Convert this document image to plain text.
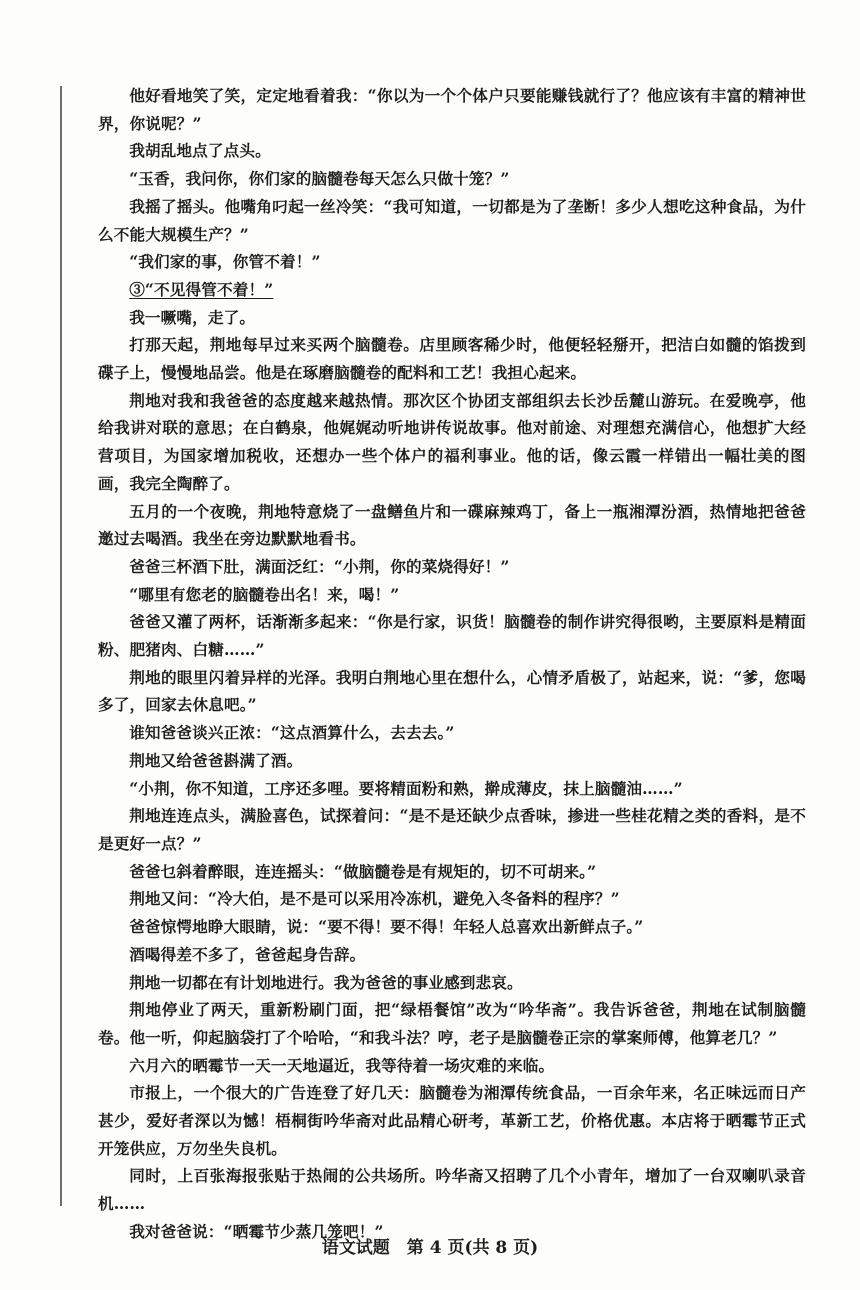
他好看地笑了笑，定定地看着我：“你以为一个个体户只要能赚钱就行了？他应该有丰富的精神世界，你说呢？”

我胡乱地点了点头。

“玉香，我问你，你们家的脑髓卷每天怎么只做十笼？”

我摇了摇头。他嘴角叼起一丝冷笑：“我可知道，一切都是为了垄断！多少人想吃这种食品，为什么不能大规模生产？”

“我们家的事，你管不着！”

③“不见得管不着！”

我一噘嘴，走了。

打那天起，荆地每早过来买两个脑髓卷。店里顾客稀少时，他便轻轻掰开，把洁白如髓的馅拨到碟子上，慢慢地品尝。他是在琢磨脑髓卷的配料和工艺！我担心起来。

荆地对我和我爸爸的态度越来越热情。那次区个协团支部组织去长沙岳麓山游玩。在爱晚亭，他给我讲对联的意思；在白鹤泉，他娓娓动听地讲传说故事。他对前途、对理想充满信心，他想扩大经营项目，为国家增加税收，还想办一些个体户的福利事业。他的话，像云霞一样错出一幅壮美的图画，我完全陶醉了。

五月的一个夜晚，荆地特意烧了一盘鳝鱼片和一碟麻辣鸡丁，备上一瓶湘潭汾酒，热情地把爸爸邀过去喝酒。我坐在旁边默默地看书。

爸爸三杯酒下肚，满面泛红：“小荆，你的菜烧得好！”

“哪里有您老的脑髓卷出名！来，喝！”

爸爸又灌了两杯，话渐渐多起来：“你是行家，识货！脑髓卷的制作讲究得很哟，主要原料是精面粉、肥猪肉、白糖……”

荆地的眼里闪着异样的光泽。我明白荆地心里在想什么，心情矛盾极了，站起来，说：“爹，您喝多了，回家去休息吧。”

谁知爸爸谈兴正浓：“这点酒算什么，去去去。”

荆地又给爸爸斟满了酒。

“小荆，你不知道，工序还多哩。要将精面粉和熟，擀成薄皮，抹上脑髓油……”

荆地连连点头，满脸喜色，试探着问：“是不是还缺少点香味，掺进一些桂花精之类的香料，是不是更好一点？”

爸爸乜斜着醉眼，连连摇头：“做脑髓卷是有规矩的，切不可胡来。”

荆地又问：“冷大伯，是不是可以采用冷冻机，避免入冬备料的程序？”

爸爸惊愕地睁大眼睛，说：“要不得！要不得！年轻人总喜欢出新鲜点子。”

酒喝得差不多了，爸爸起身告辞。

荆地一切都在有计划地进行。我为爸爸的事业感到悲哀。

荆地停业了两天，重新粉刷门面，把“绿梧餐馆”改为“吟华斋”。我告诉爸爸，荆地在试制脑髓卷。他一听，仰起脑袋打了个哈哈，“和我斗法？哼，老子是脑髓卷正宗的掌案师傅，他算老几？”

六月六的晒霉节一天一天地逼近，我等待着一场灾难的来临。

市报上，一个很大的广告连登了好几天：脑髓卷为湘潭传统食品，一百余年来，名正味远而日产甚少，爱好者深以为憾！梧桐街吟华斋对此品精心研考，革新工艺，价格优惠。本店将于晒霉节正式开笼供应，万勿坐失良机。

同时，上百张海报张贴于热闹的公共场所。吟华斋又招聘了几个小青年，增加了一台双喇叭录音机……

我对爸爸说：“晒霉节少蒸几笼吧！”

语文试题　第 4 页(共 8 页)
